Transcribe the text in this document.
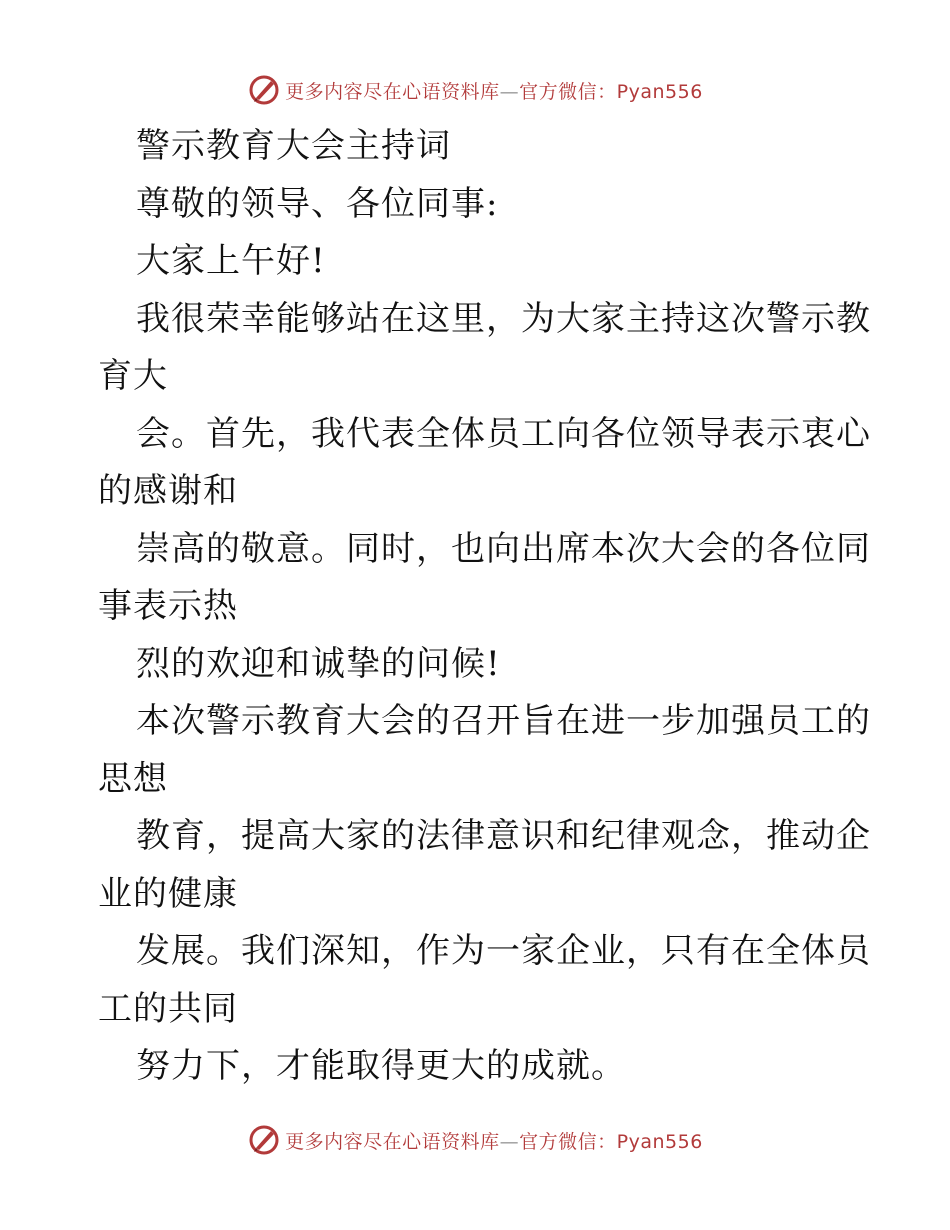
更多内容尽在心语资料库—官方微信：Pyan556
警示教育大会主持词
尊敬的领导、各位同事:
大家上午好!
我很荣幸能够站在这里，为大家主持这次警示教
育大
会。首先，我代表全体员工向各位领导表示衷心
的感谢和
崇高的敬意。同时，也向出席本次大会的各位同
事表示热
烈的欢迎和诚挚的问候!
本次警示教育大会的召开旨在进一步加强员工的
思想
教育，提高大家的法律意识和纪律观念，推动企
业的健康
发展。我们深知，作为一家企业，只有在全体员
工的共同
努力下，才能取得更大的成就。
更多内容尽在心语资料库—官方微信：Pyan556
